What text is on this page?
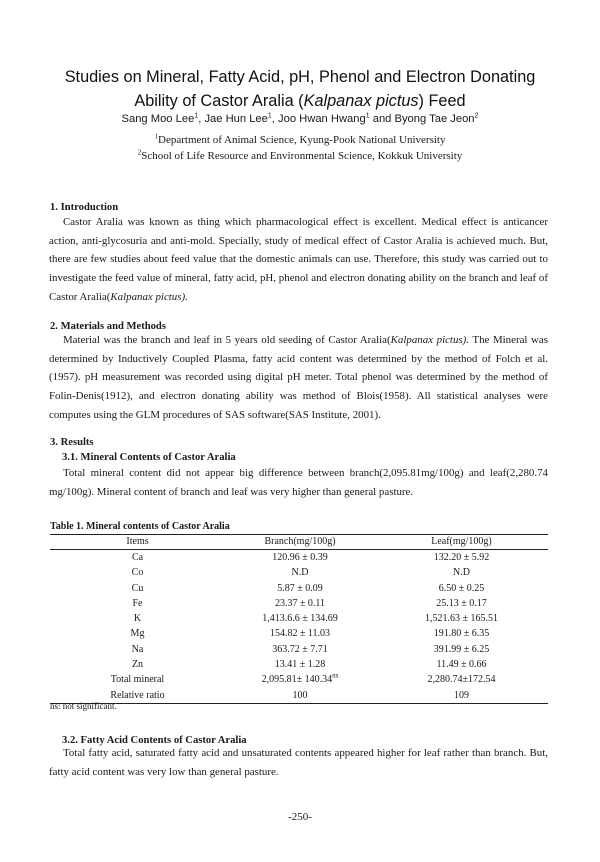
Studies on Mineral, Fatty Acid, pH, Phenol and Electron Donating
Ability of Castor Aralia (Kalpanax pictus) Feed
Sang Moo Lee$^1$, Jae Hun Lee$^1$, Joo Hwan Hwang$^1$ and Byong Tae Jeon$^2$
$^1$Department of Animal Science, Kyung-Pook National University
$^2$School of Life Resource and Environmental Science, Kokkuk University
1. Introduction

Castor Aralia was known as thing which pharmacological effect is excellent. Medical effect is anticancer action, anti-glycosuria and anti-mold. Specially, study of medical effect of Castor Aralia is achieved much. But, there are few studies about feed value that the domestic animals can use. Therefore, this study was carried out to investigate the feed value of mineral, fatty acid, pH, phenol and electron donating ability on the branch and leaf of Castor Aralia(Kalpanax pictus).

2. Materials and Methods

Material was the branch and leaf in 5 years old seeding of Castor Aralia(Kalpanax pictus). The Mineral was determined by Inductively Coupled Plasma, fatty acid content was determined by the method of Folch et al.(1957). pH measurement was recorded using digital pH meter. Total phenol was determined by the method of Folin-Denis(1912), and electron donating ability was method of Blois(1958). All statistical analyses were computes using the GLM procedures of SAS software(SAS Institute, 2001).

3. Results
3.1. Mineral Contents of Castor Aralia

Total mineral content did not appear big difference between branch(2,095.81mg/100g) and leaf(2,280.74 mg/100g). Mineral content of branch and leaf was very higher than general pasture.

Table 1. Mineral contents of Castor Aralia
Items	Branch(mg/100g)	Leaf(mg/100g)
Ca	120.96 ± 0.39	132.20 ± 5.92
Co	N.D	N.D
Cu	5.87 ± 0.09	6.50 ± 0.25
Fe	23.37 ± 0.11	25.13 ± 0.17
K	1,413.6.6 ± 134.69	1,521.63 ± 165.51
Mg	154.82 ± 11.03	191.80 ± 6.35
Na	363.72 ± 7.71	391.99 ± 6.25
Zn	13.41 ± 1.28	11.49 ± 0.66
Total mineral	$2,095.81\pm 140.34^{ns}$	2,280.74±172.54
Relative ratio	100	109
ns: not significant.
3.2. Fatty Acid Contents of Castor Aralia

Total fatty acid, saturated fatty acid and unsaturated contents appeared higher for leaf rather than branch. But, fatty acid content was very low than general pasture.

-250-
